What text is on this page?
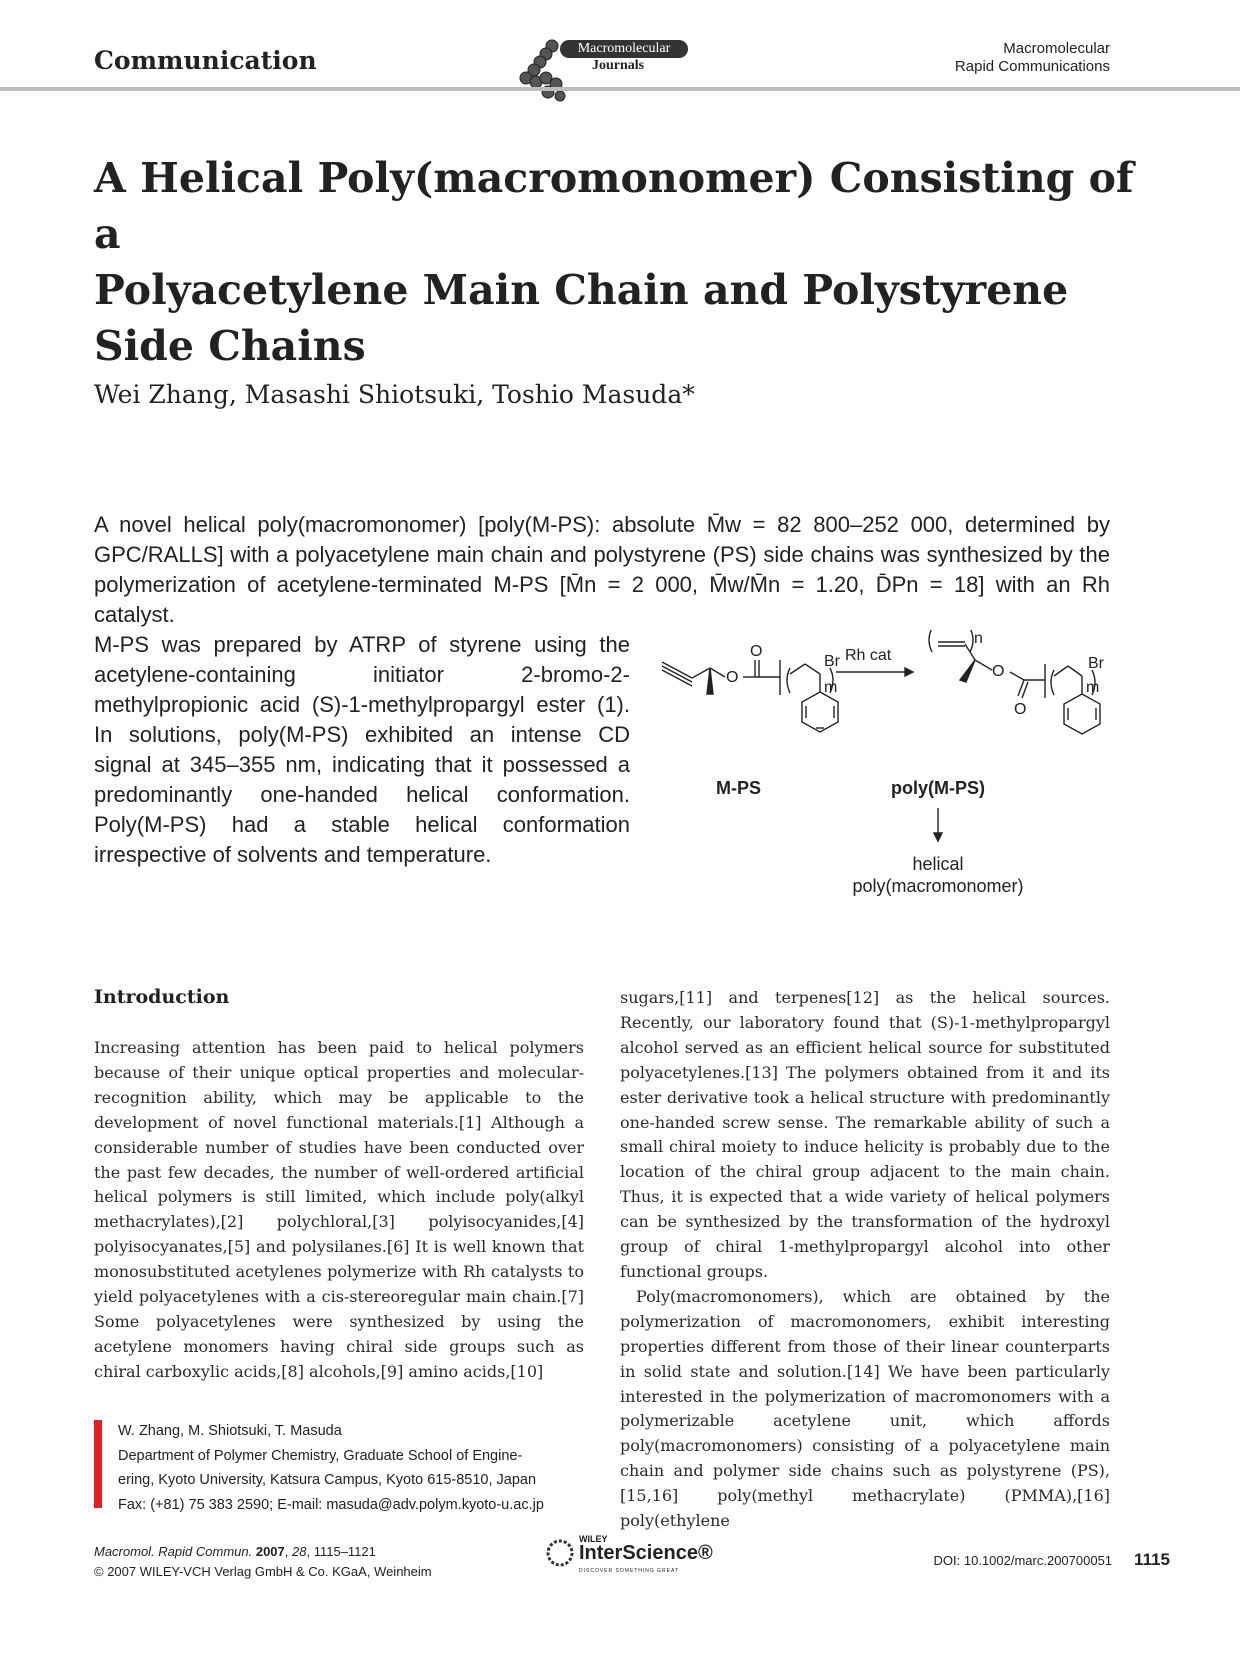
Communication	Macromolecular
Journals
Macromolecular
Rapid Communications
A Helical Poly(macromonomer) Consisting of a
Polyacetylene Main Chain and Polystyrene
Side Chains
Wei Zhang, Masashi Shiotsuki, Toshio Masuda*
A novel helical poly(macromonomer) [poly(M-PS): absolute M̄w = 82 800–252 000, determined by GPC/RALLS] with a polyacetylene main chain and polystyrene (PS) side chains was synthesized by the polymerization of acetylene-terminated M-PS [M̄n = 2 000, M̄w/M̄n = 1.20, D̄Pn = 18] with an Rh catalyst.
M-PS was prepared by ATRP of styrene using the acetylene-containing initiator 2-bromo-2-methylpropionic acid (S)-1-methylpropargyl ester (1). In solutions, poly(M-PS) exhibited an intense CD signal at 345–355 nm, indicating that it possessed a predominantly one-handed helical conformation. Poly(M-PS) had a stable helical conformation irrespective of solvents and temperature.
O
O
Br
m
Rh cat
n
O
O
Br
m
M-PS	poly(M-PS)
helical
poly(macromonomer)
Introduction
Increasing attention has been paid to helical polymers because of their unique optical properties and molecular-recognition ability, which may be applicable to the development of novel functional materials.[1] Although a considerable number of studies have been conducted over the past few decades, the number of well-ordered artificial helical polymers is still limited, which include poly(alkyl methacrylates),[2] polychloral,[3] polyisocyanides,[4] polyisocyanates,[5] and polysilanes.[6] It is well known that monosubstituted acetylenes polymerize with Rh catalysts to yield polyacetylenes with a cis-stereoregular main chain.[7] Some polyacetylenes were synthesized by using the acetylene monomers having chiral side groups such as chiral carboxylic acids,[8] alcohols,[9] amino acids,[10]
sugars,[11] and terpenes[12] as the helical sources. Recently, our laboratory found that (S)-1-methylpropargyl alcohol served as an efficient helical source for substituted polyacetylenes.[13] The polymers obtained from it and its ester derivative took a helical structure with predominantly one-handed screw sense. The remarkable ability of such a small chiral moiety to induce helicity is probably due to the location of the chiral group adjacent to the main chain. Thus, it is expected that a wide variety of helical polymers can be synthesized by the transformation of the hydroxyl group of chiral 1-methylpropargyl alcohol into other functional groups.
Poly(macromonomers), which are obtained by the polymerization of macromonomers, exhibit interesting properties different from those of their linear counterparts in solid state and solution.[14] We have been particularly interested in the polymerization of macromonomers with a polymerizable acetylene unit, which affords poly(macromonomers) consisting of a polyacetylene main chain and polymer side chains such as polystyrene (PS),[15,16] poly(methyl methacrylate) (PMMA),[16] poly(ethylene
W. Zhang, M. Shiotsuki, T. Masuda
Department of Polymer Chemistry, Graduate School of Engine-
ering, Kyoto University, Katsura Campus, Kyoto 615-8510, Japan
Fax: (+81) 75 383 2590; E-mail: masuda@adv.polym.kyoto-u.ac.jp
Macromol. Rapid Commun. 2007, 28, 1115–1121
© 2007 WILEY-VCH Verlag GmbH & Co. KGaA, Weinheim
WILEY
InterScience®
DISCOVER SOMETHING GREAT
DOI: 10.1002/marc.200700051 1115
